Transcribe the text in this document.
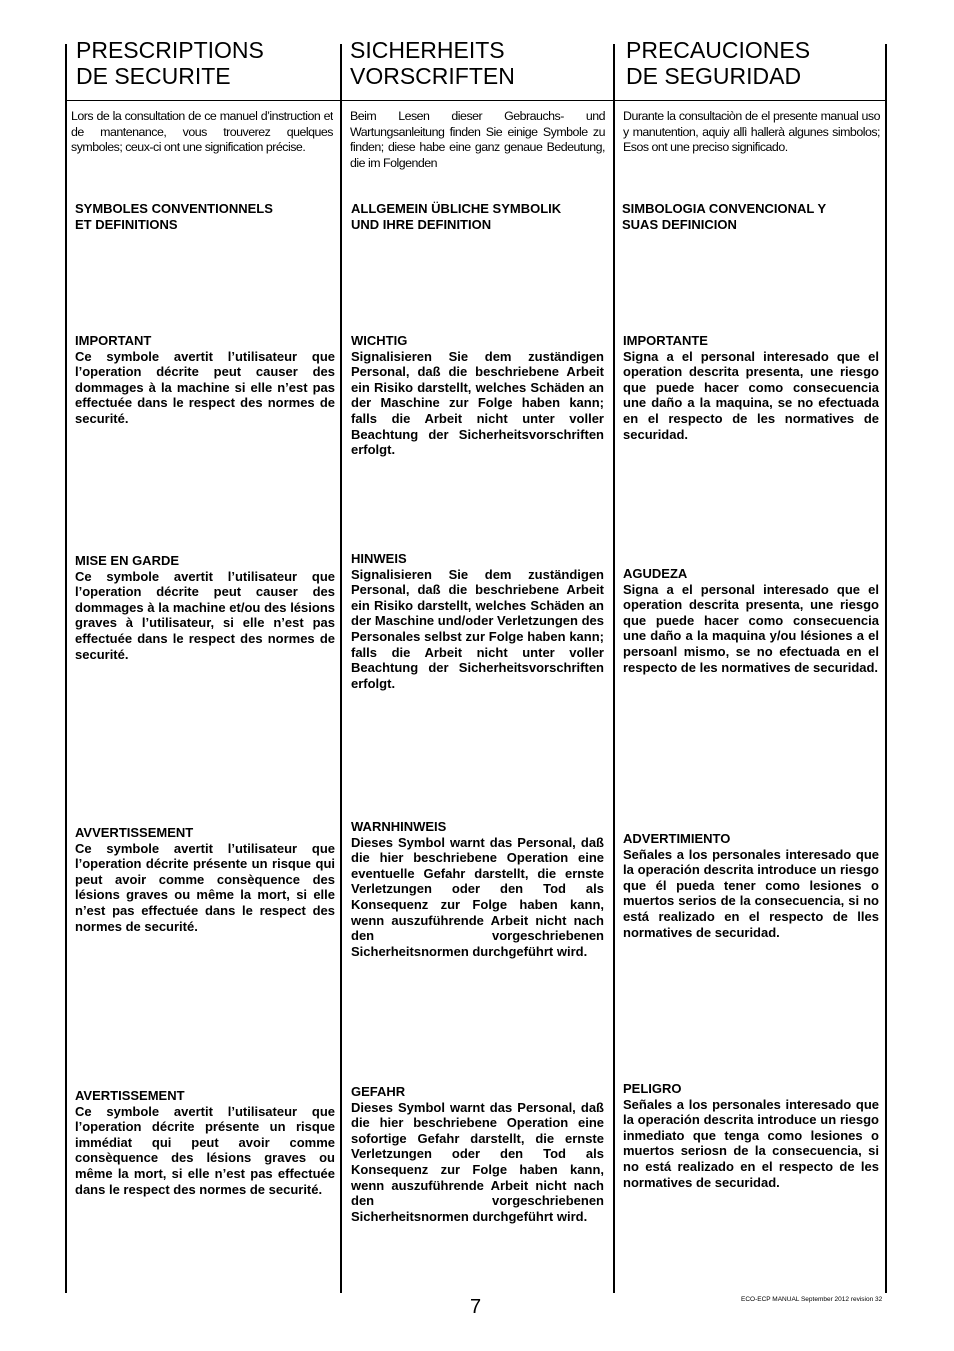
PRESCRIPTIONS
DE SECURITE
Lors de la consultation de ce manuel d’instruction et de mantenance, vous trouverez quelques symboles; ceux-ci ont une signification précise.
SYMBOLES CONVENTIONNELS
ET DEFINITIONS
IMPORTANT
Ce symbole avertit l’utilisateur que l’operation décrite peut causer des dommages à la machine si elle n’est pas effectuée dans le respect des normes de securité.
MISE EN GARDE
Ce symbole avertit l’utilisateur que l’operation décrite peut causer des dommages à la machine et/ou des lésions graves à l’utilisateur, si elle n’est pas effectuée dans le respect des normes de securité.
AVVERTISSEMENT
Ce symbole avertit l’utilisateur que l’operation décrite présente un risque qui peut avoir comme consèquence des lésions graves ou même la mort, si elle n’est pas effectuée dans le respect des normes de securité.
AVERTISSEMENT
Ce symbole avertit l’utilisateur que l’operation décrite présente un risque immédiat qui peut avoir comme consèquence des lésions graves ou même la mort, si elle n’est pas effectuée dans le respect des normes de securité.
SICHERHEITS
VORSCRIFTEN
Beim Lesen dieser Gebrauchs- und Wartungsanleitung finden Sie einige Symbole zu finden; diese habe eine ganz genaue Bedeutung, die im Folgenden
ALLGEMEIN ÜBLICHE SYMBOLIK
UND IHRE DEFINITION
WICHTIG
Signalisieren Sie dem zuständigen Personal, daß die beschriebene Arbeit ein Risiko darstellt, welches Schäden an der Maschine zur Folge haben kann; falls die Arbeit nicht unter voller Beachtung der Sicherheitsvorschriften erfolgt.
HINWEIS
Signalisieren Sie dem zuständigen Personal, daß die beschriebene Arbeit ein Risiko darstellt, welches Schäden an der Maschine und/oder Verletzungen des Personales selbst zur Folge haben kann; falls die Arbeit nicht unter voller Beachtung der Sicherheitsvorschriften erfolgt.
WARNHINWEIS
Dieses Symbol warnt das Personal, daß die hier beschriebene Operation eine eventuelle Gefahr darstellt, die ernste Verletzungen oder den Tod als Konsequenz zur Folge haben kann, wenn auszuführende Arbeit nicht nach den vorgeschriebenen Sicherheitsnormen durchgeführt wird.
GEFAHR
Dieses Symbol warnt das Personal, daß die hier beschriebene Operation eine sofortige Gefahr darstellt, die ernste Verletzungen oder den Tod als Konsequenz zur Folge haben kann, wenn auszuführende Arbeit nicht nach den vorgeschriebenen Sicherheitsnormen durchgeführt wird.
PRECAUCIONES
DE SEGURIDAD
Durante la consultaciòn de el presente manual uso y manutention, aquiy allì hallerà algunes simbolos; Esos ont une preciso significado.
SIMBOLOGIA CONVENCIONAL Y
SUAS DEFINICION
IMPORTANTE
Signa a el personal interesado que el operation descrita presenta, une riesgo que puede hacer como consecuencia une daño a la maquina, se no efectuada en el respecto de les normatives de securidad.
AGUDEZA
Signa a el personal interesado que el operation descrita presenta, une riesgo que puede hacer como consecuencia une daño a la maquina y/ou lésiones a el persoanl mismo, se no efectuada en el respecto de les normatives de securidad.
ADVERTIMIENTO
Señales a los personales interesado que la operación descrita introduce un riesgo que él pueda tener como lesiones o muertos serios de la consecuencia, si no está realizado en el respecto de lles normatives de securidad.
PELIGRO
Señales a los personales interesado que la operación descrita introduce un riesgo inmediato que tenga como lesiones o muertos seriosn de la consecuencia, si no está realizado en el respecto de les normatives de securidad.
7	ECO-ECP MANUAL September 2012 revision 32
